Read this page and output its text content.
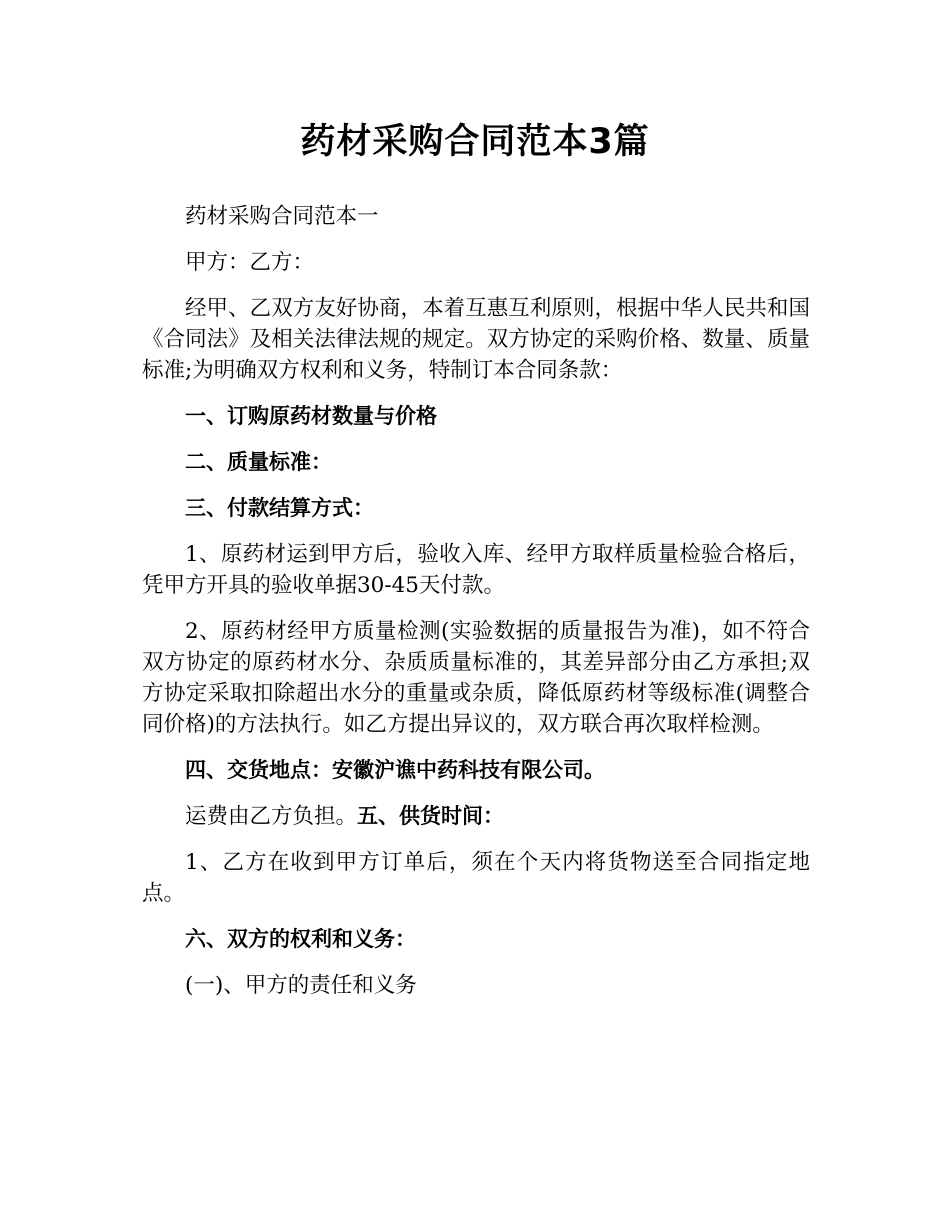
药材采购合同范本3篇

药材采购合同范本一

甲方：乙方：

经甲、乙双方友好协商，本着互惠互利原则，根据中华人民共和国《合同法》及相关法律法规的规定。双方协定的采购价格、数量、质量标准;为明确双方权利和义务，特制订本合同条款：

一、订购原药材数量与价格

二、质量标准：

三、付款结算方式：

1、原药材运到甲方后，验收入库、经甲方取样质量检验合格后，凭甲方开具的验收单据30-45天付款。

2、原药材经甲方质量检测(实验数据的质量报告为准)，如不符合双方协定的原药材水分、杂质质量标准的，其差异部分由乙方承担;双方协定采取扣除超出水分的重量或杂质，降低原药材等级标准(调整合同价格)的方法执行。如乙方提出异议的，双方联合再次取样检测。

四、交货地点：安徽沪谯中药科技有限公司。

运费由乙方负担。五、供货时间：

1、乙方在收到甲方订单后，须在个天内将货物送至合同指定地点。

六、双方的权利和义务：

(一)、甲方的责任和义务
